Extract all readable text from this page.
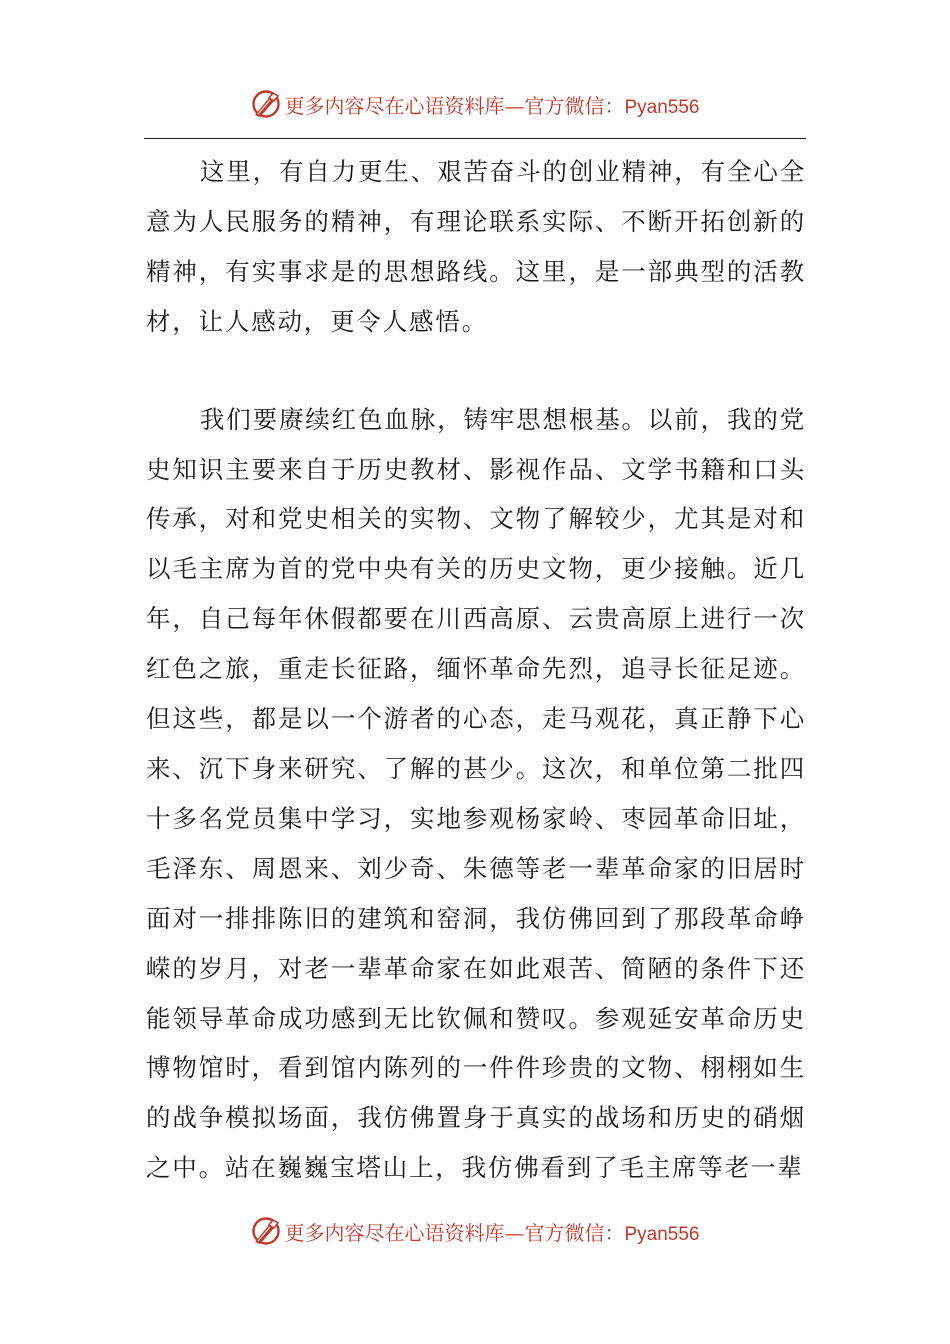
更多内容尽在心语资料库—官方微信：Pyan556

这里，有自力更生、艰苦奋斗的创业精神，有全心全意为人民服务的精神，有理论联系实际、不断开拓创新的精神，有实事求是的思想路线。这里，是一部典型的活教材，让人感动，更令人感悟。

我们要赓续红色血脉，铸牢思想根基。以前，我的党史知识主要来自于历史教材、影视作品、文学书籍和口头传承，对和党史相关的实物、文物了解较少，尤其是对和以毛主席为首的党中央有关的历史文物，更少接触。近几年，自己每年休假都要在川西高原、云贵高原上进行一次红色之旅，重走长征路，缅怀革命先烈，追寻长征足迹。但这些，都是以一个游者的心态，走马观花，真正静下心来、沉下身来研究、了解的甚少。这次，和单位第二批四十多名党员集中学习，实地参观杨家岭、枣园革命旧址，毛泽东、周恩来、刘少奇、朱德等老一辈革命家的旧居时面对一排排陈旧的建筑和窑洞，我仿佛回到了那段革命峥嵘的岁月，对老一辈革命家在如此艰苦、简陋的条件下还能领导革命成功感到无比钦佩和赞叹。参观延安革命历史博物馆时，看到馆内陈列的一件件珍贵的文物、栩栩如生的战争模拟场面，我仿佛置身于真实的战场和历史的硝烟之中。站在巍巍宝塔山上，我仿佛看到了毛主席等老一辈

更多内容尽在心语资料库—官方微信：Pyan556
